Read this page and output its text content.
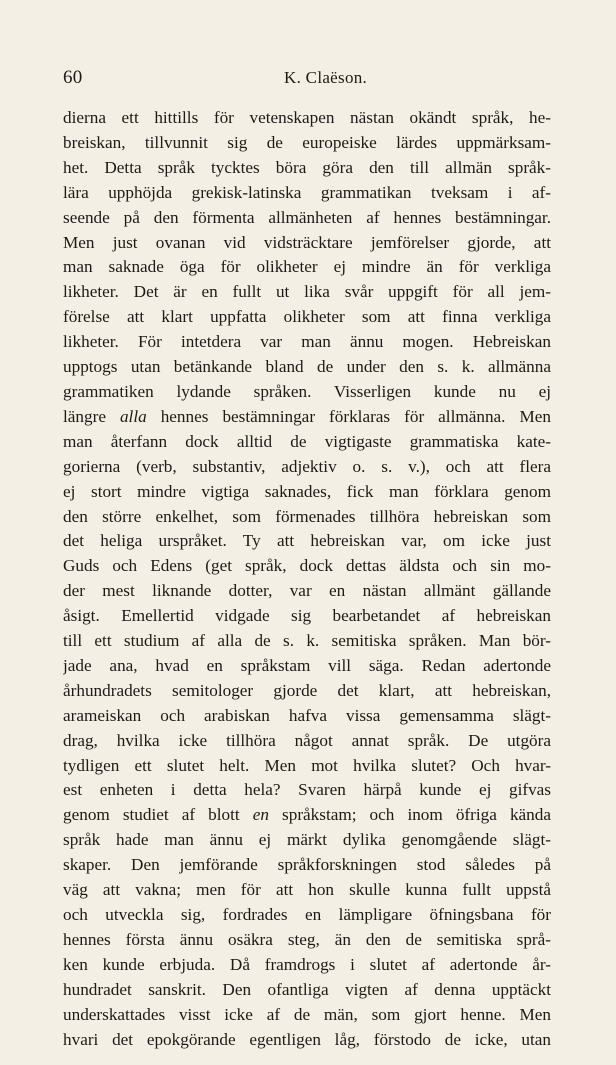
60	K. Claëson.
dierna ett hittills för vetenskapen nästan okändt språk, he-
breiskan, tillvunnit sig de europeiske lärdes uppmärksam-
het. Detta språk tycktes böra göra den till allmän språk-
lära upphöjda grekisk-latinska grammatikan tveksam i af-
seende på den förmenta allmänheten af hennes bestämningar.
Men just ovanan vid vidsträcktare jemförelser gjorde, att
man saknade öga för olikheter ej mindre än för verkliga
likheter. Det är en fullt ut lika svår uppgift för all jem-
förelse att klart uppfatta olikheter som att finna verkliga
likheter. För intetdera var man ännu mogen. Hebreiskan
upptogs utan betänkande bland de under den s. k. allmänna
grammatiken lydande språken. Visserligen kunde nu ej
längre alla hennes bestämningar förklaras för allmänna. Men
man återfann dock alltid de vigtigaste grammatiska kate-
gorierna (verb, substantiv, adjektiv o. s. v.), och att flera
ej stort mindre vigtiga saknades, fick man förklara genom
den större enkelhet, som förmenades tillhöra hebreiskan som
det heliga urspråket. Ty att hebreiskan var, om icke just
Guds och Edens (get språk, dock dettas äldsta och sin mo-
der mest liknande dotter, var en nästan allmänt gällande
åsigt. Emellertid vidgade sig bearbetandet af hebreiskan
till ett studium af alla de s. k. semitiska språken. Man bör-
jade ana, hvad en språkstam vill säga. Redan adertonde
århundradets semitologer gjorde det klart, att hebreiskan,
arameiskan och arabiskan hafva vissa gemensamma slägt-
drag, hvilka icke tillhöra något annat språk. De utgöra
tydligen ett slutet helt. Men mot hvilka slutet? Och hvar-
est enheten i detta hela? Svaren härpå kunde ej gifvas
genom studiet af blott en språkstam; och inom öfriga kända
språk hade man ännu ej märkt dylika genomgående slägt-
skaper. Den jemförande språkforskningen stod således på
väg att vakna; men för att hon skulle kunna fullt uppstå
och utveckla sig, fordrades en lämpligare öfningsbana för
hennes första ännu osäkra steg, än den de semitiska språ-
ken kunde erbjuda. Då framdrogs i slutet af adertonde år-
hundradet sanskrit. Den ofantliga vigten af denna upptäckt
underskattades visst icke af de män, som gjort henne. Men
hvari det epokgörande egentligen låg, förstodo de icke, utan
